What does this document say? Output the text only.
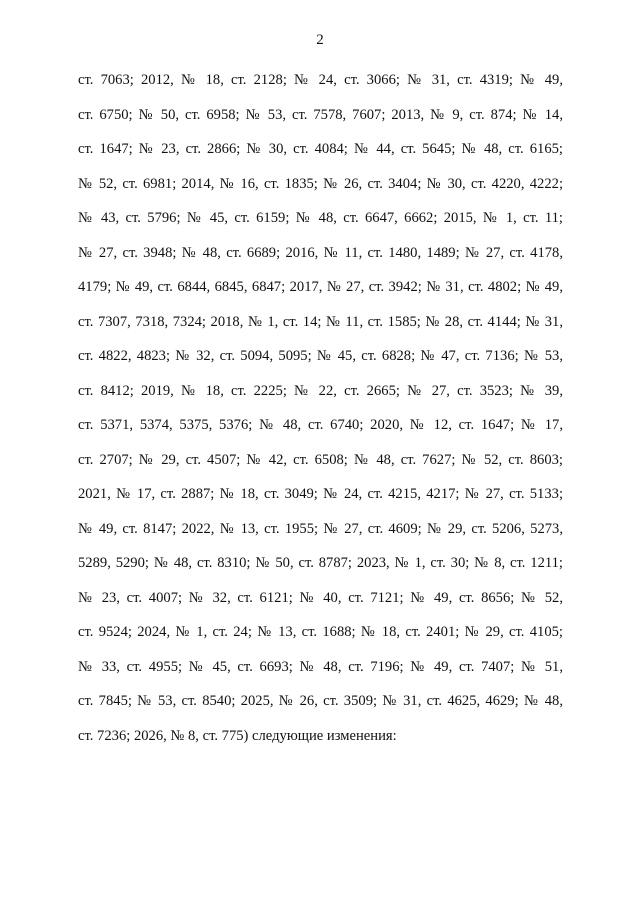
2
ст. 7063; 2012, № 18, ст. 2128; № 24, ст. 3066; № 31, ст. 4319; № 49,
ст. 6750; № 50, ст. 6958; № 53, ст. 7578, 7607; 2013, № 9, ст. 874; № 14,
ст. 1647; № 23, ст. 2866; № 30, ст. 4084; № 44, ст. 5645; № 48, ст. 6165;
№ 52, ст. 6981; 2014, № 16, ст. 1835; № 26, ст. 3404; № 30, ст. 4220, 4222;
№ 43, ст. 5796; № 45, ст. 6159; № 48, ст. 6647, 6662; 2015, № 1, ст. 11;
№ 27, ст. 3948; № 48, ст. 6689; 2016, № 11, ст. 1480, 1489; № 27, ст. 4178,
4179; № 49, ст. 6844, 6845, 6847; 2017, № 27, ст. 3942; № 31, ст. 4802; № 49,
ст. 7307, 7318, 7324; 2018, № 1, ст. 14; № 11, ст. 1585; № 28, ст. 4144; № 31,
ст. 4822, 4823; № 32, ст. 5094, 5095; № 45, ст. 6828; № 47, ст. 7136; № 53,
ст. 8412; 2019, № 18, ст. 2225; № 22, ст. 2665; № 27, ст. 3523; № 39,
ст. 5371, 5374, 5375, 5376; № 48, ст. 6740; 2020, № 12, ст. 1647; № 17,
ст. 2707; № 29, ст. 4507; № 42, ст. 6508; № 48, ст. 7627; № 52, ст. 8603;
2021, № 17, ст. 2887; № 18, ст. 3049; № 24, ст. 4215, 4217; № 27, ст. 5133;
№ 49, ст. 8147; 2022, № 13, ст. 1955; № 27, ст. 4609; № 29, ст. 5206, 5273,
5289, 5290; № 48, ст. 8310; № 50, ст. 8787; 2023, № 1, ст. 30; № 8, ст. 1211;
№ 23, ст. 4007; № 32, ст. 6121; № 40, ст. 7121; № 49, ст. 8656; № 52,
ст. 9524; 2024, № 1, ст. 24; № 13, ст. 1688; № 18, ст. 2401; № 29, ст. 4105;
№ 33, ст. 4955; № 45, ст. 6693; № 48, ст. 7196; № 49, ст. 7407; № 51,
ст. 7845; № 53, ст. 8540; 2025, № 26, ст. 3509; № 31, ст. 4625, 4629; № 48,
ст. 7236; 2026, № 8, ст. 775) следующие изменения:
